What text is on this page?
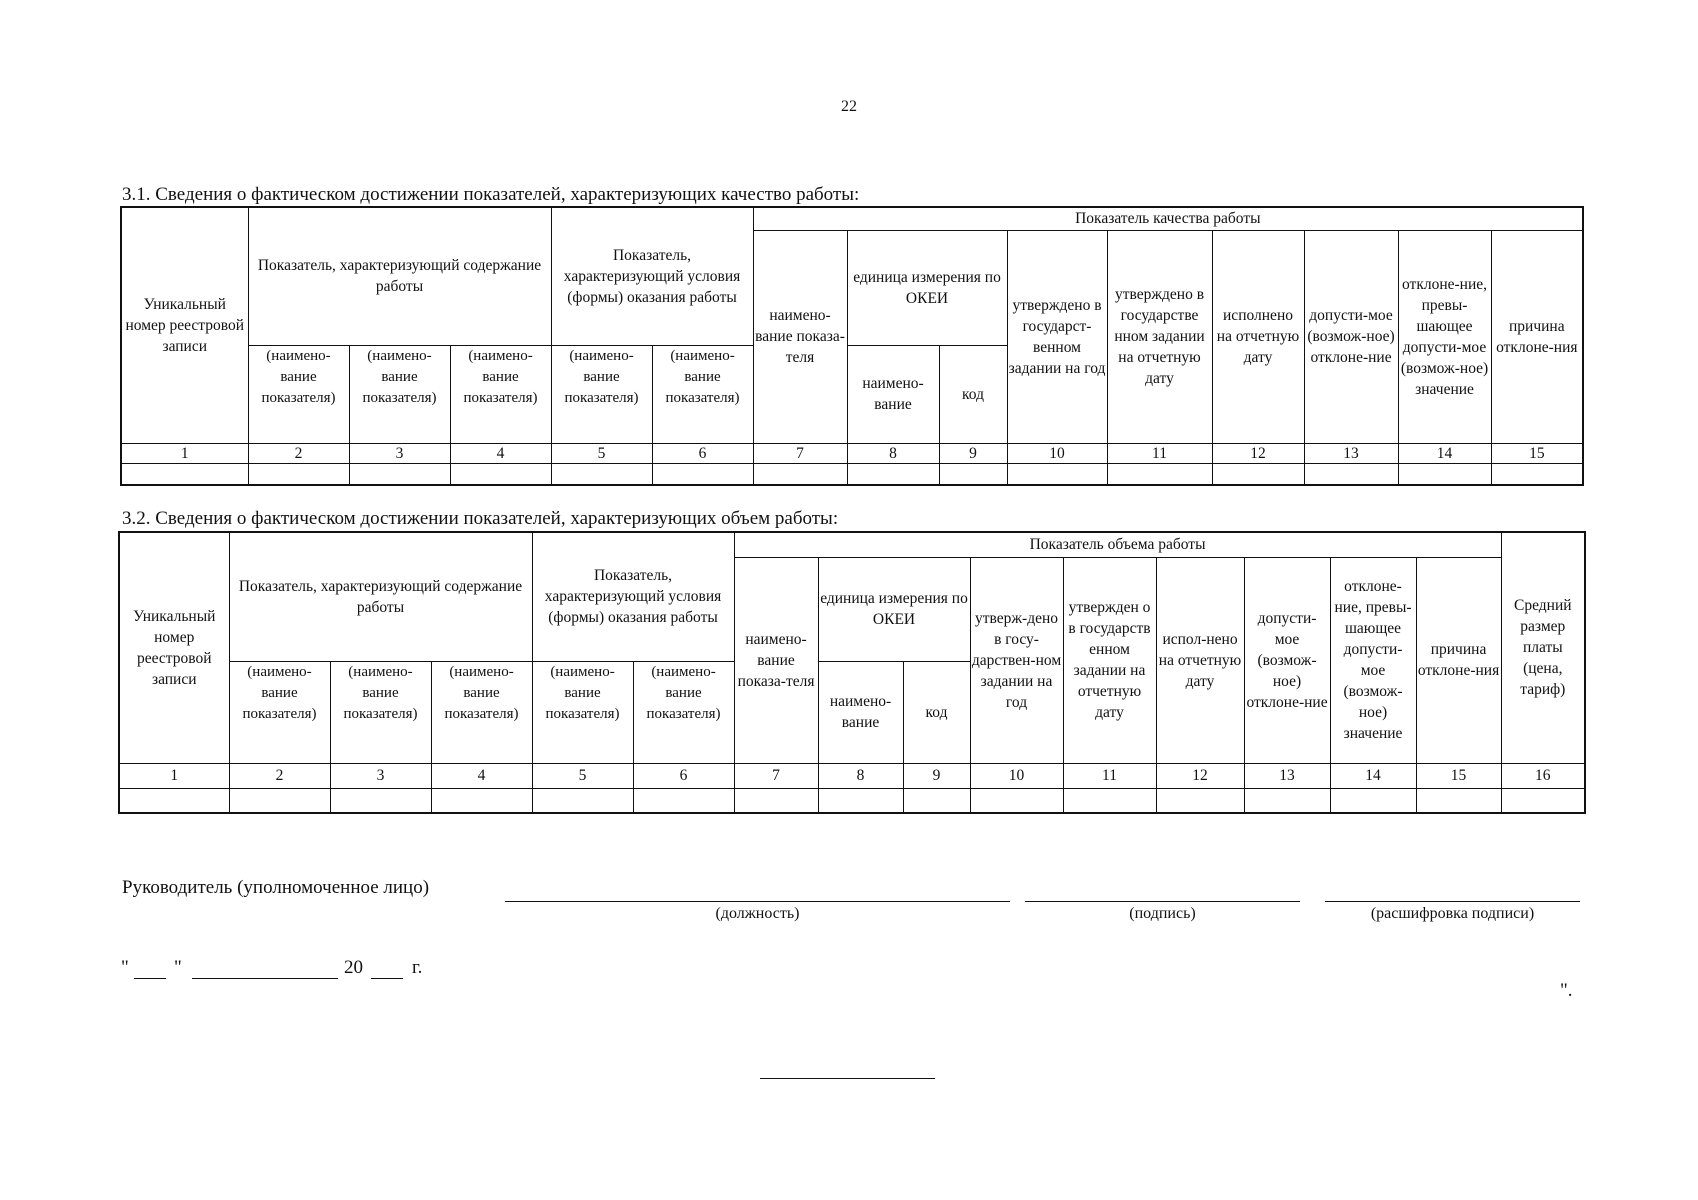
22
3.1. Сведения о фактическом достижении показателей, характеризующих качество работы:
Уникальный номер реестровой записи	Показатель, характеризующий содержание работы			Показатель, характеризующий условия (формы) оказания работы		Показатель качества работы								
						наимено-вание показа-теля	единица измерения по ОКЕИ		утверждено в государст-венном задании на год	утверждено в государстве нном задании на отчетную дату	исполнено на отчетную дату	допусти-мое (возмож-ное) отклоне-ние	отклоне-ние, превы-шающее допусти-мое (возмож-ное) значение	причина отклоне-ния
	(наимено-вание показателя)	(наимено-вание показателя)	(наимено-вание показателя)	(наимено-вание показателя)	(наимено-вание показателя)		наимено-вание	код						
1	2	3	4	5	6	7	8	9	10	11	12	13	14	15

3.2. Сведения о фактическом достижении показателей, характеризующих объем работы:
Уникальный номер реестровой записи	Показатель, характеризующий содержание работы			Показатель, характеризующий условия (формы) оказания работы		Показатель объема работы									Средний размер платы (цена, тариф)
						наимено-вание показа-теля	единица измерения по ОКЕИ		утверж-дено в госу-дарствен-ном задании на год	утвержден о в государств енном задании на отчетную дату	испол-нено на отчетную дату	допусти-мое (возмож-ное) отклоне-ние	отклоне-ние, превы-шающее допусти-мое (возмож-ное) значение	причина отклоне-ния	
	(наимено-вание показателя)	(наимено-вание показателя)	(наимено-вание показателя)	(наимено-вание показателя)	(наимено-вание показателя)		наимено-вание	код							
1	2	3	4	5	6	7	8	9	10	11	12	13	14	15	16

Руководитель (уполномоченное лицо)
(должность)	(подпись)	(расшифровка подписи)
" "	20	г.
".
